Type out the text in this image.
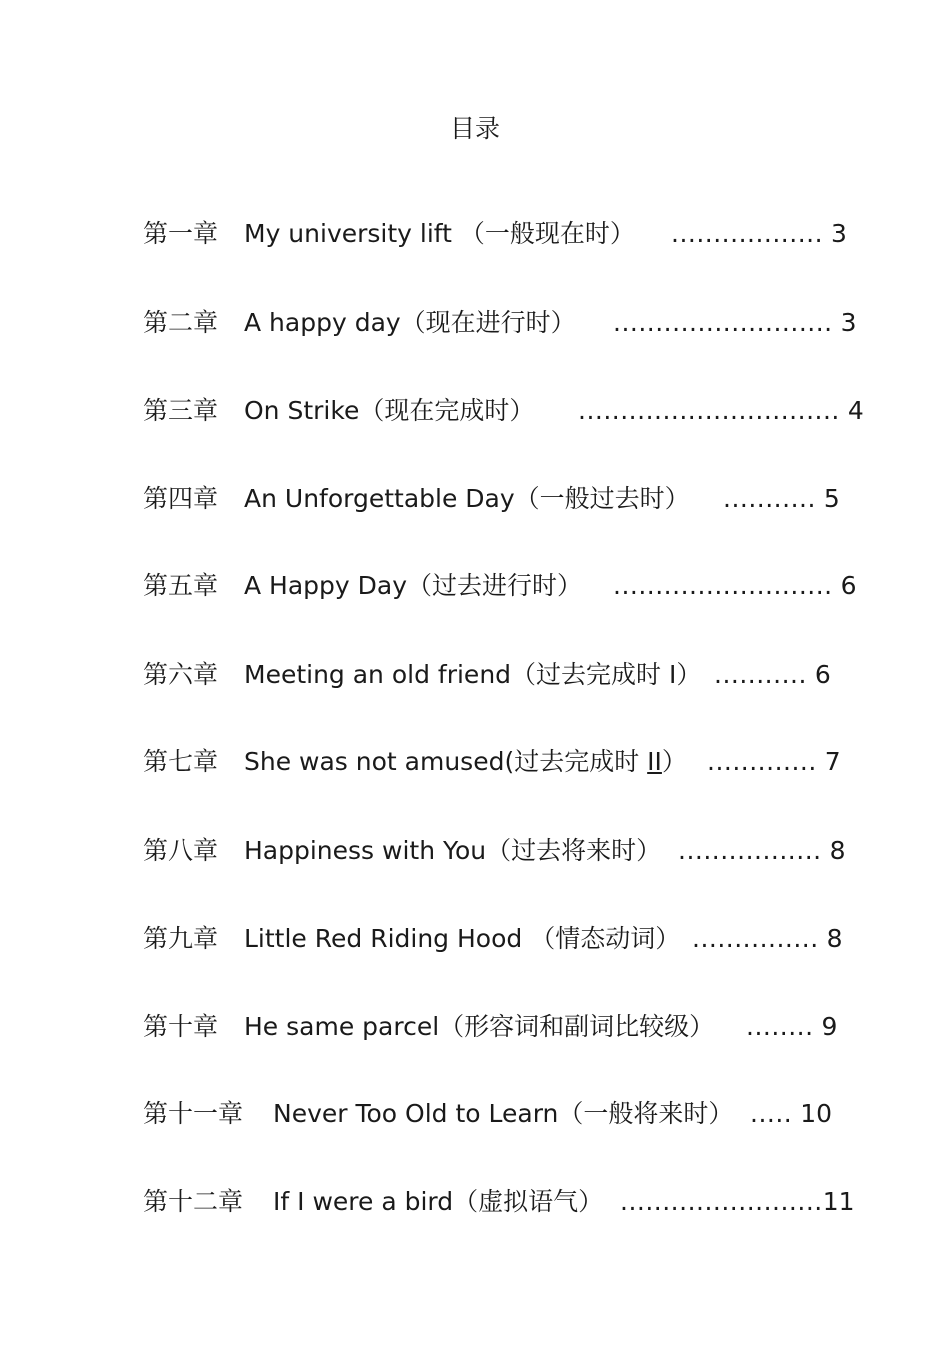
目录
第一章 My university lift （一般现在时） .................. 3
第二章 A happy day（现在进行时） .......................... 3
第三章 On Strike（现在完成时） ............................... 4
第四章 An Unforgettable Day（一般过去时） ........... 5
第五章 A Happy Day（过去进行时） .......................... 6
第六章 Meeting an old friend（过去完成时 I） ........... 6
第七章 She was not amused(过去完成时 II） ............. 7
第八章 Happiness with You（过去将来时） ................. 8
第九章 Little Red Riding Hood （情态动词） ............... 8
第十章 He same parcel（形容词和副词比较级） ........ 9
第十一章 Never Too Old to Learn（一般将来时） ..... 10
第十二章 If I were a bird（虚拟语气） ........................11
